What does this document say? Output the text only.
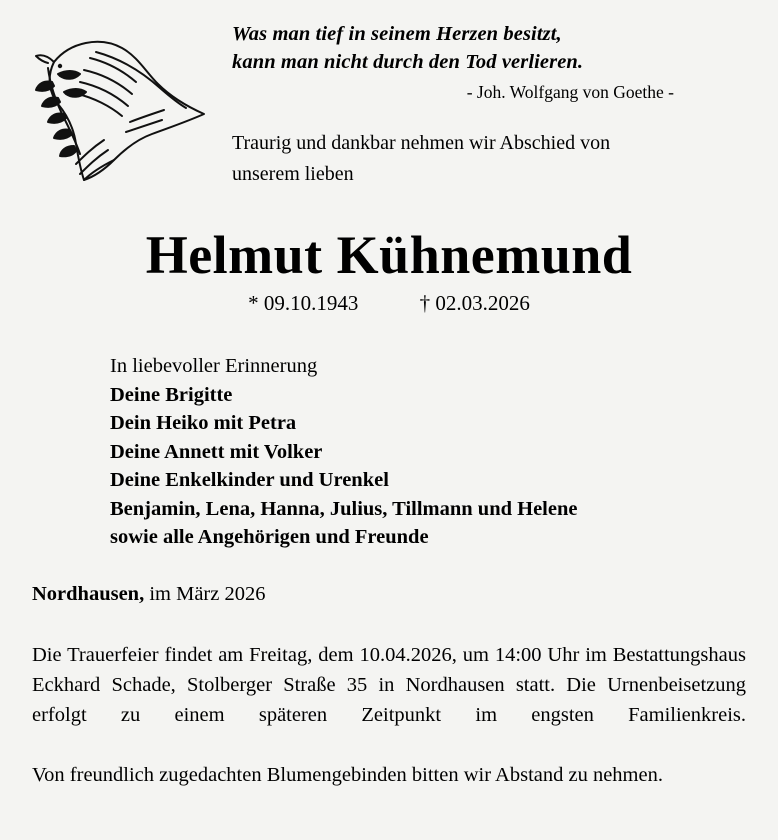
Was man tief in seinem Herzen besitzt,
kann man nicht durch den Tod verlieren.
- Joh. Wolfgang von Goethe -
Traurig und dankbar nehmen wir Abschied von
unserem lieben
Helmut Kühnemund
* 09.10.1943	† 02.03.2026
In liebevoller Erinnerung
Deine Brigitte
Dein Heiko mit Petra
Deine Annett mit Volker
Deine Enkelkinder und Urenkel
Benjamin, Lena, Hanna, Julius, Tillmann und Helene
sowie alle Angehörigen und Freunde
Nordhausen, im März 2026

Die Trauerfeier findet am Freitag, dem 10.04.2026, um 14:00 Uhr im Bestattungshaus Eckhard Schade, Stolberger Straße 35 in Nordhausen statt. Die Urnenbeisetzung erfolgt zu einem späteren Zeitpunkt im engsten Familienkreis.

Von freundlich zugedachten Blumengebinden bitten wir Abstand zu nehmen.
